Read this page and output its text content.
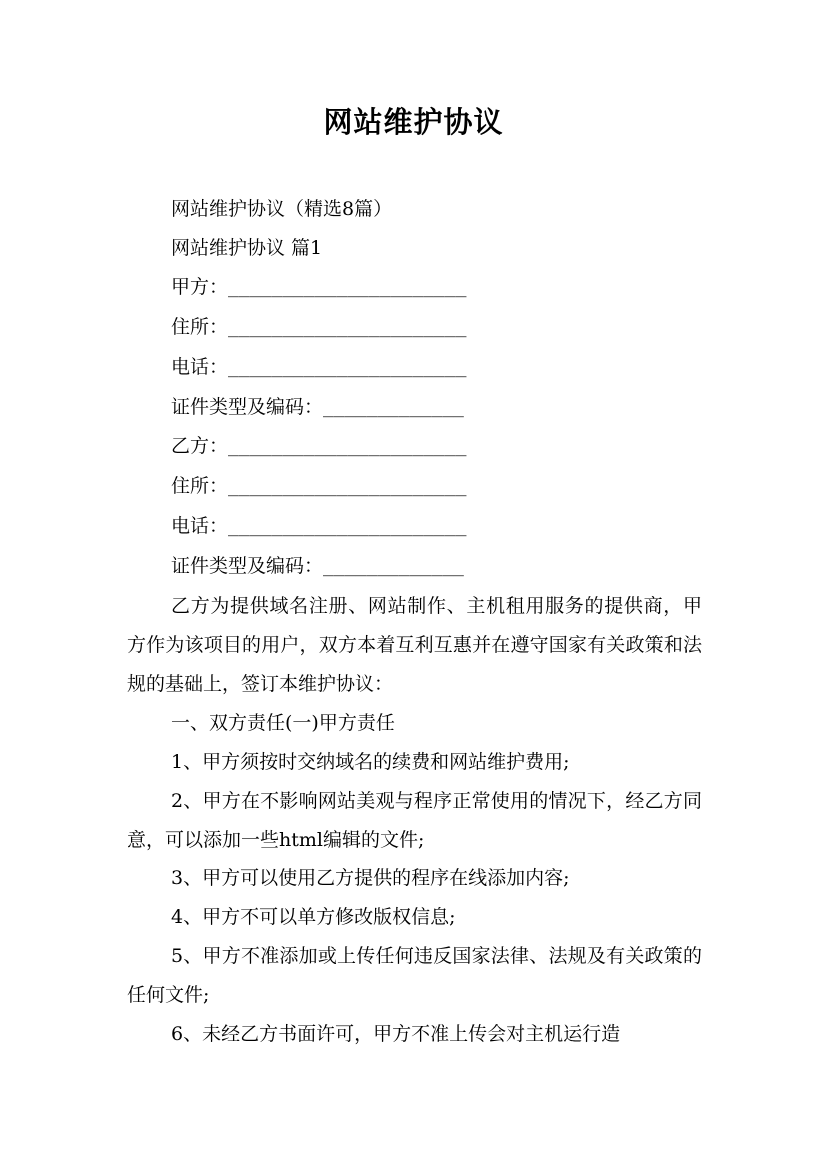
网站维护协议

网站维护协议（精选8篇）

网站维护协议 篇1

甲方：______________________

住所：______________________

电话：______________________

证件类型及编码：_____________

乙方：______________________

住所：______________________

电话：______________________

证件类型及编码：_____________

乙方为提供域名注册、网站制作、主机租用服务的提供商，甲方作为该项目的用户，双方本着互利互惠并在遵守国家有关政策和法规的基础上，签订本维护协议：

一、双方责任(一)甲方责任

1、甲方须按时交纳域名的续费和网站维护费用;

2、甲方在不影响网站美观与程序正常使用的情况下，经乙方同意，可以添加一些html编辑的文件;

3、甲方可以使用乙方提供的程序在线添加内容;

4、甲方不可以单方修改版权信息;

5、甲方不准添加或上传任何违反国家法律、法规及有关政策的任何文件;

6、未经乙方书面许可，甲方不准上传会对主机运行造
